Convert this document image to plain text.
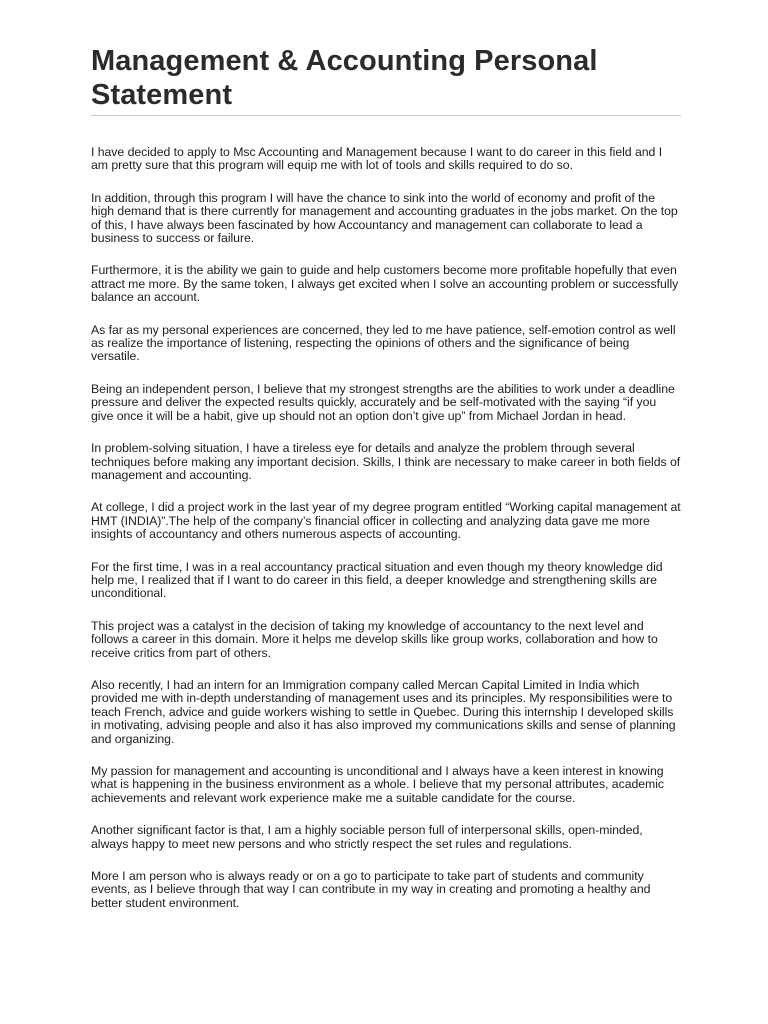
Management & Accounting Personal Statement

I have decided to apply to Msc Accounting and Management because I want to do career in this field and I am pretty sure that this program will equip me with lot of tools and skills required to do so.

In addition, through this program I will have the chance to sink into the world of economy and profit of the high demand that is there currently for management and accounting graduates in the jobs market. On the top of this, I have always been fascinated by how Accountancy and management can collaborate to lead a business to success or failure.

Furthermore, it is the ability we gain to guide and help customers become more profitable hopefully that even attract me more. By the same token, I always get excited when I solve an accounting problem or successfully balance an account.

As far as my personal experiences are concerned, they led to me have patience, self-emotion control as well as realize the importance of listening, respecting the opinions of others and the significance of being versatile.

Being an independent person, I believe that my strongest strengths are the abilities to work under a deadline pressure and deliver the expected results quickly, accurately and be self-motivated with the saying “if you give once it will be a habit, give up should not an option don’t give up” from Michael Jordan in head.

In problem-solving situation, I have a tireless eye for details and analyze the problem through several techniques before making any important decision. Skills, I think are necessary to make career in both fields of management and accounting.

At college, I did a project work in the last year of my degree program entitled “Working capital management at HMT (INDIA)”.The help of the company’s financial officer in collecting and analyzing data gave me more insights of accountancy and others numerous aspects of accounting.

For the first time, I was in a real accountancy practical situation and even though my theory knowledge did help me, I realized that if I want to do career in this field, a deeper knowledge and strengthening skills are unconditional.

This project was a catalyst in the decision of taking my knowledge of accountancy to the next level and follows a career in this domain. More it helps me develop skills like group works, collaboration and how to receive critics from part of others.

Also recently, I had an intern for an Immigration company called Mercan Capital Limited in India which provided me with in-depth understanding of management uses and its principles. My responsibilities were to teach French, advice and guide workers wishing to settle in Quebec. During this internship I developed skills in motivating, advising people and also it has also improved my communications skills and sense of planning and organizing.

My passion for management and accounting is unconditional and I always have a keen interest in knowing what is happening in the business environment as a whole. I believe that my personal attributes, academic achievements and relevant work experience make me a suitable candidate for the course.

Another significant factor is that, I am a highly sociable person full of interpersonal skills, open-minded, always happy to meet new persons and who strictly respect the set rules and regulations.

More I am person who is always ready or on a go to participate to take part of students and community events, as I believe through that way I can contribute in my way in creating and promoting a healthy and better student environment.
